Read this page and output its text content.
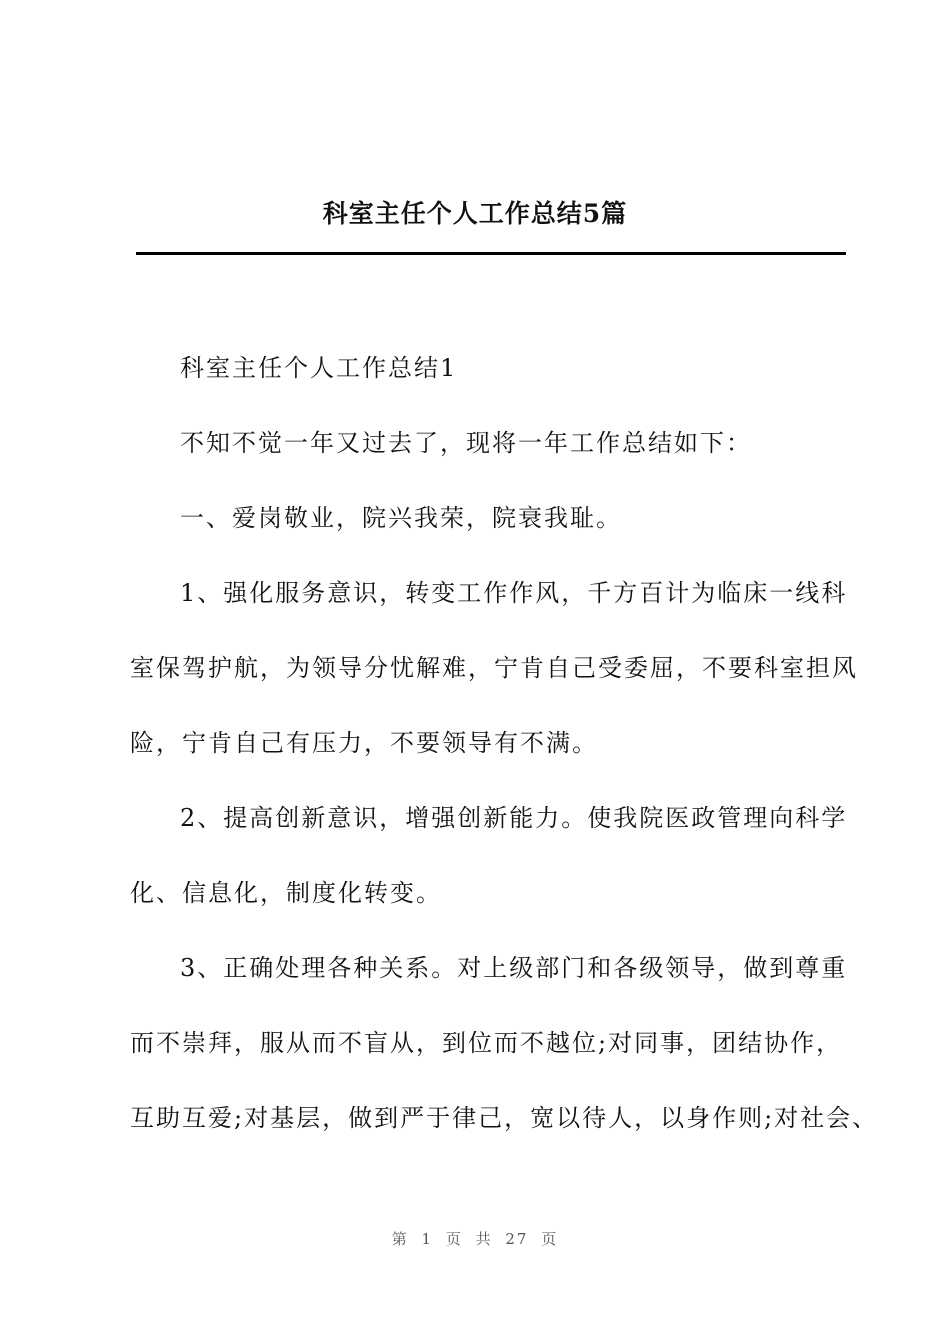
科室主任个人工作总结5篇
科室主任个人工作总结1
不知不觉一年又过去了，现将一年工作总结如下：
一、爱岗敬业，院兴我荣，院衰我耻。
1、强化服务意识，转变工作作风，千方百计为临床一线科
室保驾护航，为领导分忧解难，宁肯自己受委屈，不要科室担风
险，宁肯自己有压力，不要领导有不满。
2、提高创新意识，增强创新能力。使我院医政管理向科学
化、信息化，制度化转变。
3、正确处理各种关系。对上级部门和各级领导，做到尊重
而不崇拜，服从而不盲从，到位而不越位;对同事，团结协作，
互助互爱;对基层，做到严于律己，宽以待人，以身作则;对社会、
第 1 页 共 27 页
